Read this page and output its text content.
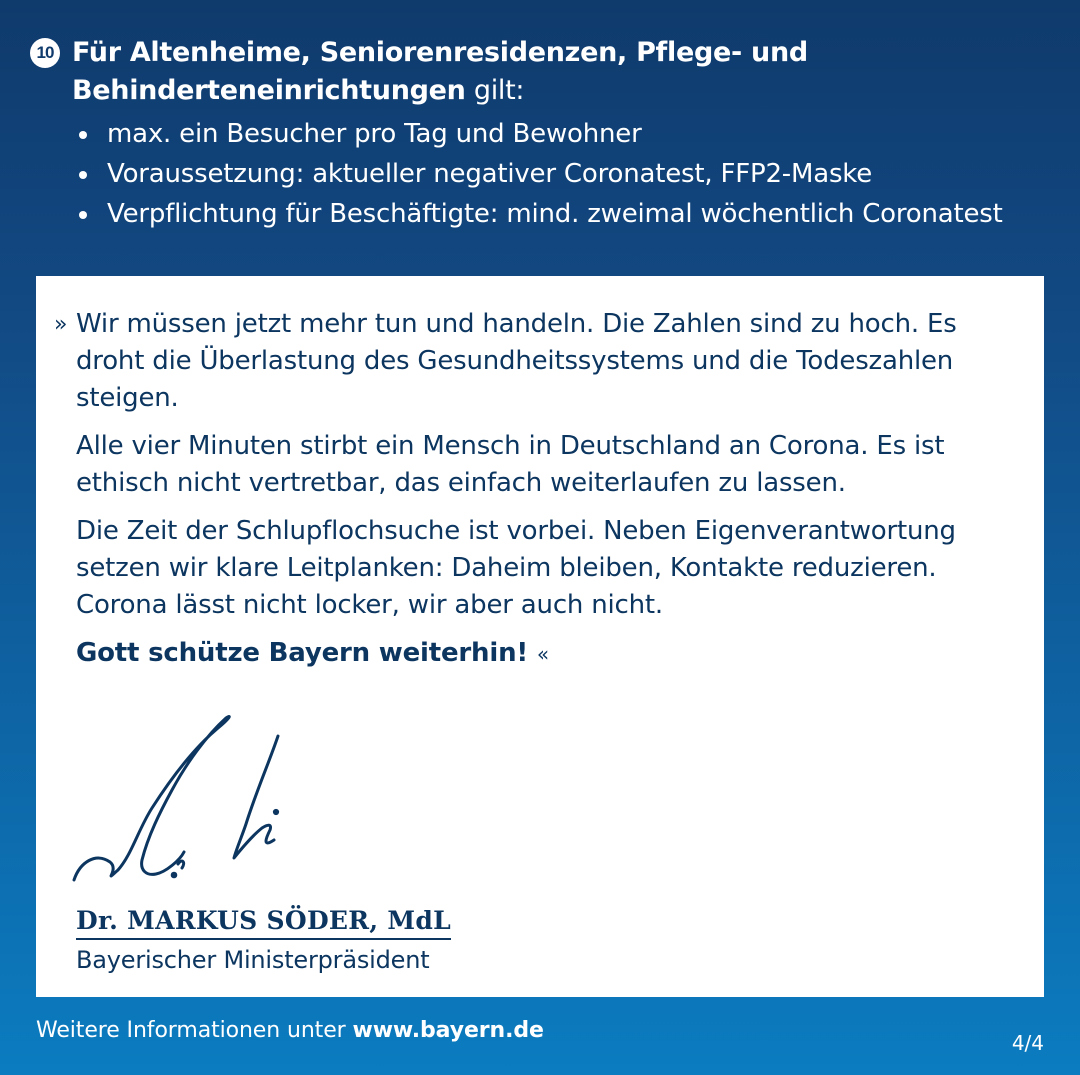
10 Für Altenheime, Seniorenresidenzen, Pflege- und Behinderteneinrichtungen gilt:
max. ein Besucher pro Tag und Bewohner
Voraussetzung: aktueller negativer Coronatest, FFP2-Maske
Verpflichtung für Beschäftigte: mind. zweimal wöchentlich Coronatest
» Wir müssen jetzt mehr tun und handeln. Die Zahlen sind zu hoch. Es droht die Überlastung des Gesundheitssystems und die Todeszahlen steigen.

Alle vier Minuten stirbt ein Mensch in Deutschland an Corona. Es ist ethisch nicht vertretbar, das einfach weiterlaufen zu lassen.

Die Zeit der Schlupflochsuche ist vorbei. Neben Eigenverantwortung setzen wir klare Leitplanken: Daheim bleiben, Kontakte reduzieren. Corona lässt nicht locker, wir aber auch nicht.

Gott schütze Bayern weiterhin! «
Dr. MARKUS SÖDER, MdL
Bayerischer Ministerpräsident
Weitere Informationen unter www.bayern.de	4/4
